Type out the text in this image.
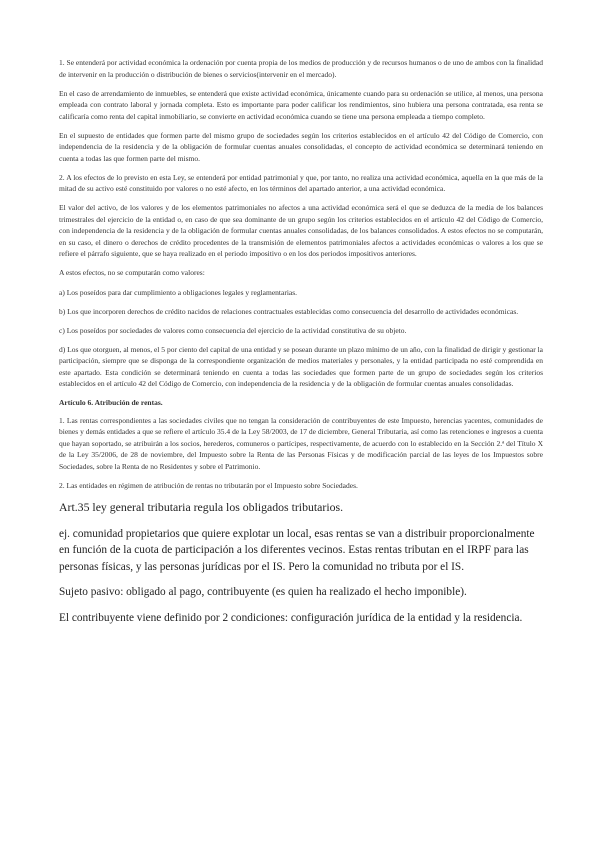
1. Se entenderá por actividad económica la ordenación por cuenta propia de los medios de producción y de recursos humanos o de uno de ambos con la finalidad de intervenir en la producción o distribución de bienes o servicios(intervenir en el mercado).

En el caso de arrendamiento de inmuebles, se entenderá que existe actividad económica, únicamente cuando para su ordenación se utilice, al menos, una persona empleada con contrato laboral y jornada completa. Esto es importante para poder calificar los rendimientos, sino hubiera una persona contratada, esa renta se calificaría como renta del capital inmobiliario, se convierte en actividad económica cuando se tiene una persona empleada a tiempo completo.

En el supuesto de entidades que formen parte del mismo grupo de sociedades según los criterios establecidos en el artículo 42 del Código de Comercio, con independencia de la residencia y de la obligación de formular cuentas anuales consolidadas, el concepto de actividad económica se determinará teniendo en cuenta a todas las que formen parte del mismo.

2. A los efectos de lo previsto en esta Ley, se entenderá por entidad patrimonial y que, por tanto, no realiza una actividad económica, aquella en la que más de la mitad de su activo esté constituido por valores o no esté afecto, en los términos del apartado anterior, a una actividad económica.

El valor del activo, de los valores y de los elementos patrimoniales no afectos a una actividad económica será el que se deduzca de la media de los balances trimestrales del ejercicio de la entidad o, en caso de que sea dominante de un grupo según los criterios establecidos en el artículo 42 del Código de Comercio, con independencia de la residencia y de la obligación de formular cuentas anuales consolidadas, de los balances consolidados. A estos efectos no se computarán, en su caso, el dinero o derechos de crédito procedentes de la transmisión de elementos patrimoniales afectos a actividades económicas o valores a los que se refiere el párrafo siguiente, que se haya realizado en el periodo impositivo o en los dos periodos impositivos anteriores.

A estos efectos, no se computarán como valores:

a) Los poseídos para dar cumplimiento a obligaciones legales y reglamentarias.

b) Los que incorporen derechos de crédito nacidos de relaciones contractuales establecidas como consecuencia del desarrollo de actividades económicas.

c) Los poseídos por sociedades de valores como consecuencia del ejercicio de la actividad constitutiva de su objeto.

d) Los que otorguen, al menos, el 5 por ciento del capital de una entidad y se posean durante un plazo mínimo de un año, con la finalidad de dirigir y gestionar la participación, siempre que se disponga de la correspondiente organización de medios materiales y personales, y la entidad participada no esté comprendida en este apartado. Esta condición se determinará teniendo en cuenta a todas las sociedades que formen parte de un grupo de sociedades según los criterios establecidos en el artículo 42 del Código de Comercio, con independencia de la residencia y de la obligación de formular cuentas anuales consolidadas.

Artículo 6. Atribución de rentas.

1. Las rentas correspondientes a las sociedades civiles que no tengan la consideración de contribuyentes de este Impuesto, herencias yacentes, comunidades de bienes y demás entidades a que se refiere el artículo 35.4 de la Ley 58/2003, de 17 de diciembre, General Tributaria, así como las retenciones e ingresos a cuenta que hayan soportado, se atribuirán a los socios, herederos, comuneros o partícipes, respectivamente, de acuerdo con lo establecido en la Sección 2.ª del Título X de la Ley 35/2006, de 28 de noviembre, del Impuesto sobre la Renta de las Personas Físicas y de modificación parcial de las leyes de los Impuestos sobre Sociedades, sobre la Renta de no Residentes y sobre el Patrimonio.

2. Las entidades en régimen de atribución de rentas no tributarán por el Impuesto sobre Sociedades.

Art.35 ley general tributaria regula los obligados tributarios.

ej. comunidad propietarios que quiere explotar un local, esas rentas se van a distribuir proporcionalmente en función de la cuota de participación a los diferentes vecinos. Estas rentas tributan en el IRPF para las personas físicas, y las personas jurídicas por el IS. Pero la comunidad no tributa por el IS.

Sujeto pasivo: obligado al pago, contribuyente (es quien ha realizado el hecho imponible).

El contribuyente viene definido por 2 condiciones: configuración jurídica de la entidad y la residencia.
